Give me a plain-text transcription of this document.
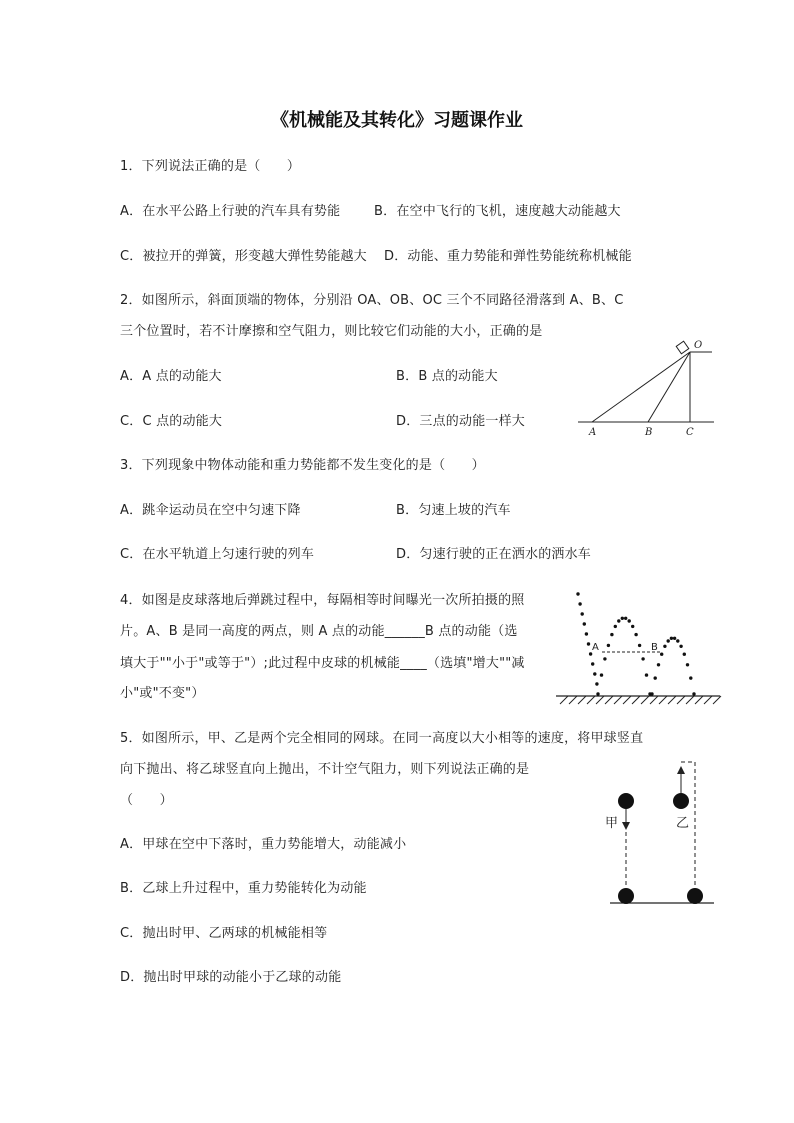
《机械能及其转化》习题课作业
1．下列说法正确的是（　　）
A．在水平公路上行驶的汽车具有势能	B．在空中飞行的飞机，速度越大动能越大
C．被拉开的弹簧，形变越大弹性势能越大 D．动能、重力势能和弹性势能统称机械能
2．如图所示，斜面顶端的物体，分别沿 OA、OB、OC 三个不同路径滑落到 A、B、C
三个位置时，若不计摩擦和空气阻力，则比较它们动能的大小，正确的是
A．A 点的动能大	B．B 点的动能大
C．C 点的动能大	D．三点的动能一样大
O
A	B	C
3．下列现象中物体动能和重力势能都不发生变化的是（　　）
A．跳伞运动员在空中匀速下降	B．匀速上坡的汽车
C．在水平轨道上匀速行驶的列车	D．匀速行驶的正在洒水的洒水车
4．如图是皮球落地后弹跳过程中，每隔相等时间曝光一次所拍摄的照
片。A、B 是同一高度的两点，则 A 点的动能______B 点的动能（选
填大于""小于"或等于"）;此过程中皮球的机械能____（选填"增大""减
小"或"不变"）
A	B
5．如图所示，甲、乙是两个完全相同的网球。在同一高度以大小相等的速度，将甲球竖直
向下抛出、将乙球竖直向上抛出，不计空气阻力，则下列说法正确的是
（　　）
A．甲球在空中下落时，重力势能增大，动能减小
B．乙球上升过程中，重力势能转化为动能
C．抛出时甲、乙两球的机械能相等
D．抛出时甲球的动能小于乙球的动能
甲	乙
